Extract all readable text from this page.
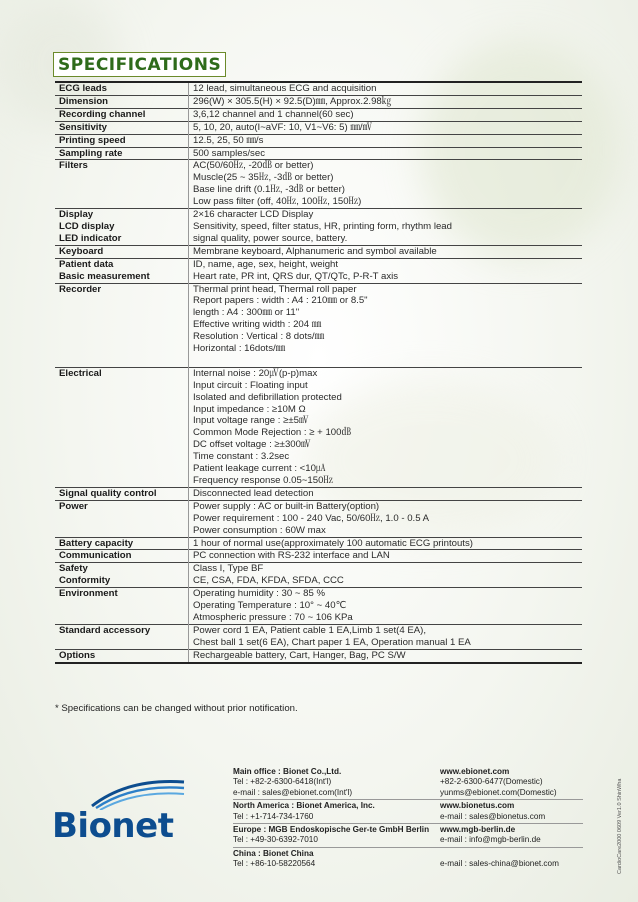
SPECIFICATIONS
ECG leads	12 lead, simultaneous ECG and acquisition
Dimension	296(W) × 305.5(H) × 92.5(D)㎜, Approx.2.98㎏
Recording channel	3,6,12 channel and 1 channel(60 sec)
Sensitivity	5, 10, 20, auto(I~aVF: 10, V1~V6: 5) ㎜/㎷
Printing speed	12.5, 25, 50 ㎜/s
Sampling rate	500 samples/sec
Filters	AC(50/60㎐, -20㏈ or better)
	Muscle(25 ~ 35㎐, -3㏈ or better)
	Base line drift (0.1㎐, -3㏈ or better)
	Low pass filter (off, 40㎐, 100㎐, 150㎐)
Display	2×16 character LCD Display
LCD display	Sensitivity, speed, filter status, HR, printing form, rhythm lead
LED indicator	signal quality, power source, battery.
Keyboard	Membrane keyboard, Alphanumeric and symbol available
Patient data	ID, name, age, sex, height, weight
Basic measurement	Heart rate, PR int, QRS dur, QT/QTc, P-R-T axis
Recorder	Thermal print head, Thermal roll paper
	Report papers : width : A4 : 210㎜ or 8.5"
	length : A4 : 300㎜ or 11"
	Effective writing width : 204 ㎜
	Resolution : Vertical : 8 dots/㎜
	Horizontal : 16dots/㎜

Electrical	Internal noise : 20㎶(p-p)max
	Input circuit : Floating input
	Isolated and defibrillation protected
	Input impedance : ≥10M Ω
	Input voltage range : ≥±5㎷
	Common Mode Rejection : ≥ + 100㏈
	DC offset voltage : ≥±300㎷
	Time constant : 3.2sec
	Patient leakage current : <10㎂
	Frequency response 0.05~150㎐
Signal quality control	Disconnected lead detection
Power	Power supply : AC or built-in Battery(option)
	Power requirement : 100 - 240 Vac, 50/60㎐, 1.0 - 0.5 A
	Power consumption : 60W max
Battery capacity	1 hour of normal use(approximately 100 automatic ECG printouts)
Communication	PC connection with RS-232 interface and LAN
Safety	Class I, Type BF
Conformity	CE, CSA, FDA, KFDA, SFDA, CCC
Environment	Operating humidity : 30 ~ 85 %
	Operating Temperature : 10° ~ 40℃
	Atmospheric pressure : 70 ~ 106 KPa
Standard accessory	Power cord 1 EA, Patient cable 1 EA,Limb 1 set(4 EA),
	Chest ball 1 set(6 EA), Chart paper 1 EA, Operation manual 1 EA
Options	Rechargeable battery, Cart, Hanger, Bag, PC S/W
* Specifications can be changed without prior notification.
Bionet
Main office : Bionet Co.,Ltd.
Tel : +82-2-6300-6418(Int'l)
e-mail : sales@ebionet.com(Int'l)
www.ebionet.com
+82-2-6300-6477(Domestic)
yunms@ebionet.com(Domestic)
North America : Bionet America, Inc.
Tel : +1-714-734-1760
www.bionetus.com
e-mail : sales@bionetus.com
Europe : MGB Endoskopische Ger-te GmbH Berlin
Tel : +49-30-6392-7010
www.mgb-berlin.de
e-mail : info@mgb-berlin.de
China : Bionet China
Tel : +86-10-58220564
	e-mail : sales-china@bionet.com	CardioCare2000 0609 Ver1.0 ShinWha
